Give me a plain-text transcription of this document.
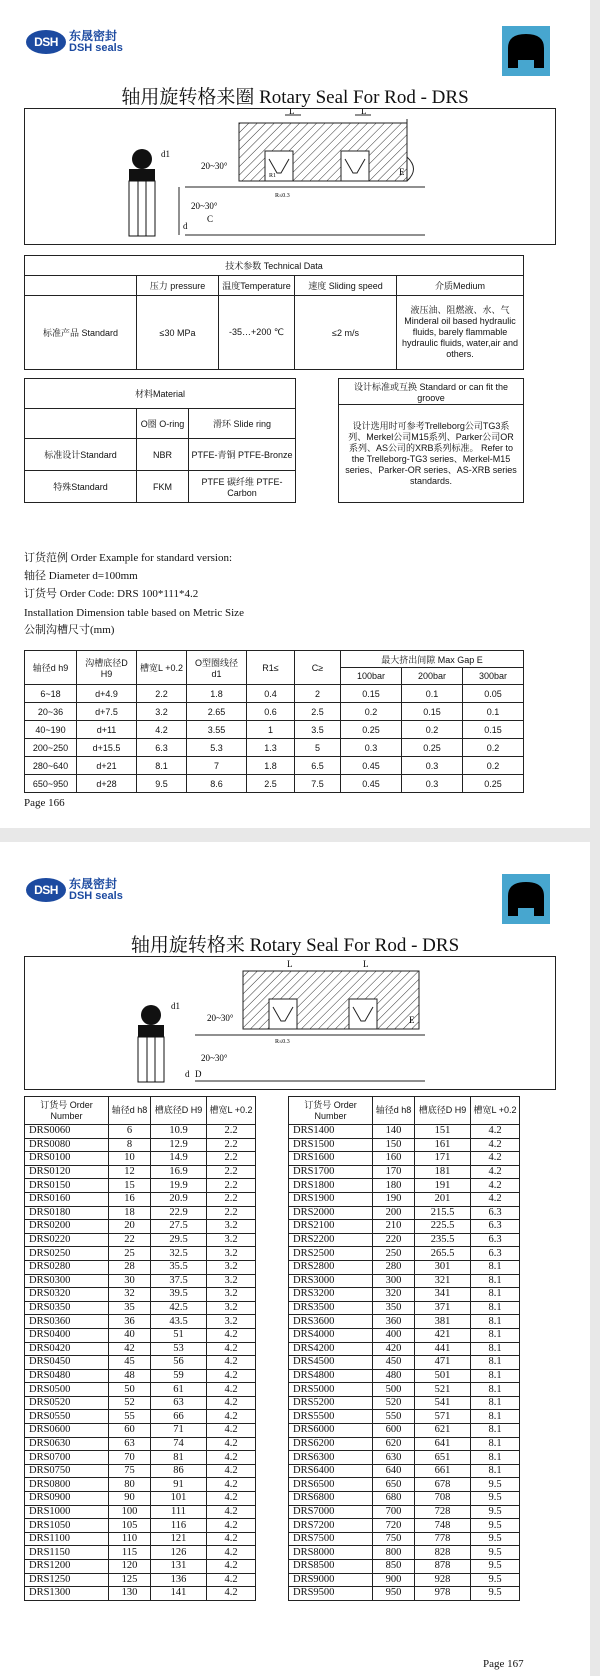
DSH 东晟密封
DSH seals
轴用旋转格来圈 Rotary Seal For Rod - DRS
L	L
d1
20~30°
20~30°
C
d
E
R1
R≤0.3
技术参数 Technical Data				
	压力 pressure	温度Temperature	速度 Sliding speed	介质Medium
标准产品 Standard	≤30 MPa	-35…+200 ℃	≤2 m/s	液压油、阻燃液、水、气 Minderal oil based hydraulic fluids, barely flammable hydraulic fluids, water,air and others.
材料Material		
	O圈 O-ring	滑环 Slide ring
标准设计Standard	NBR	PTFE-青铜 PTFE-Bronze
特殊Standard	FKM	PTFE 碳纤维 PTFE-Carbon
设计标准或互换 Standard or can fit the groove
设计选用时可参考Trelleborg公司TG3系列、Merkel公司M15系列、Parker公司OR系列、AS公司的XRB系列标准。 Refer to the Trelleborg-TG3 series、Merkel-M15 series、Parker-OR series、AS-XRB series standards.
订货范例 Order Example for standard version:
轴径 Diameter d=100mm
订货号 Order Code: DRS 100*111*4.2
Installation Dimension table based on Metric Size
公制沟槽尺寸(mm)
轴径d h9	沟槽底径D H9	槽宽L +0.2	O型圈线径 d1	R1≤	C≥	最大挤出间隙 Max Gap E		
						100bar	200bar	300bar
6~18	d+4.9	2.2	1.8	0.4	2	0.15	0.1	0.05
20~36	d+7.5	3.2	2.65	0.6	2.5	0.2	0.15	0.1
40~190	d+11	4.2	3.55	1	3.5	0.25	0.2	0.15
200~250	d+15.5	6.3	5.3	1.3	5	0.3	0.25	0.2
280~640	d+21	8.1	7	1.8	6.5	0.45	0.3	0.2
650~950	d+28	9.5	8.6	2.5	7.5	0.45	0.3	0.25
Page 166
DSH 东晟密封
DSH seals
轴用旋转格来 Rotary Seal For Rod - DRS
L	L
d1
20~30°
20~30°
D
d
E
R≤0.3
订货号 Order Number	轴径d h8	槽底径D H9	槽宽L +0.2
DRS0060	6	10.9	2.2
DRS0080	8	12.9	2.2
DRS0100	10	14.9	2.2
DRS0120	12	16.9	2.2
DRS0150	15	19.9	2.2
DRS0160	16	20.9	2.2
DRS0180	18	22.9	2.2
DRS0200	20	27.5	3.2
DRS0220	22	29.5	3.2
DRS0250	25	32.5	3.2
DRS0280	28	35.5	3.2
DRS0300	30	37.5	3.2
DRS0320	32	39.5	3.2
DRS0350	35	42.5	3.2
DRS0360	36	43.5	3.2
DRS0400	40	51	4.2
DRS0420	42	53	4.2
DRS0450	45	56	4.2
DRS0480	48	59	4.2
DRS0500	50	61	4.2
DRS0520	52	63	4.2
DRS0550	55	66	4.2
DRS0600	60	71	4.2
DRS0630	63	74	4.2
DRS0700	70	81	4.2
DRS0750	75	86	4.2
DRS0800	80	91	4.2
DRS0900	90	101	4.2
DRS1000	100	111	4.2
DRS1050	105	116	4.2
DRS1100	110	121	4.2
DRS1150	115	126	4.2
DRS1200	120	131	4.2
DRS1250	125	136	4.2
DRS1300	130	141	4.2
订货号 Order Number	轴径d h8	槽底径D H9	槽宽L +0.2
DRS1400	140	151	4.2
DRS1500	150	161	4.2
DRS1600	160	171	4.2
DRS1700	170	181	4.2
DRS1800	180	191	4.2
DRS1900	190	201	4.2
DRS2000	200	215.5	6.3
DRS2100	210	225.5	6.3
DRS2200	220	235.5	6.3
DRS2500	250	265.5	6.3
DRS2800	280	301	8.1
DRS3000	300	321	8.1
DRS3200	320	341	8.1
DRS3500	350	371	8.1
DRS3600	360	381	8.1
DRS4000	400	421	8.1
DRS4200	420	441	8.1
DRS4500	450	471	8.1
DRS4800	480	501	8.1
DRS5000	500	521	8.1
DRS5200	520	541	8.1
DRS5500	550	571	8.1
DRS6000	600	621	8.1
DRS6200	620	641	8.1
DRS6300	630	651	8.1
DRS6400	640	661	8.1
DRS6500	650	678	9.5
DRS6800	680	708	9.5
DRS7000	700	728	9.5
DRS7200	720	748	9.5
DRS7500	750	778	9.5
DRS8000	800	828	9.5
DRS8500	850	878	9.5
DRS9000	900	928	9.5
DRS9500	950	978	9.5
Page 167
